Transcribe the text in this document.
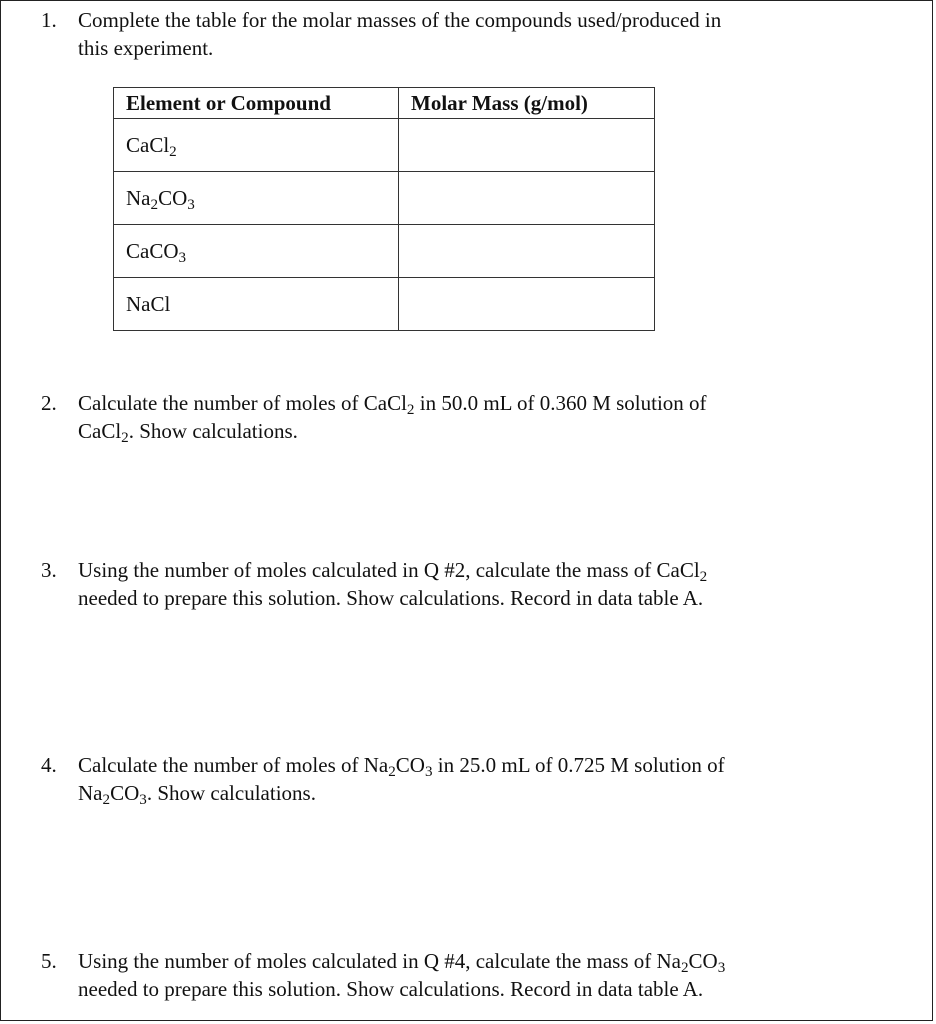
1. Complete the table for the molar masses of the compounds used/produced in
this experiment.
Element or Compound	Molar Mass (g/mol)
CaCl$_2$	
$Na_2CO_3$	
CaCO$_3$	
NaCl	
2. Calculate the number of moles of CaCl$_2$ in 50.0 mL of 0.360 M solution of
CaCl$_2$. Show calculations.
3. Using the number of moles calculated in Q #2, calculate the mass of CaCl$_2$
needed to prepare this solution. Show calculations. Record in data table A.
4. Calculate the number of moles of $Na_2CO_3$ in 25.0 mL of 0.725 M solution of
$Na_2CO_3$. Show calculations.
5. Using the number of moles calculated in Q #4, calculate the mass of $Na_2CO_3$
needed to prepare this solution. Show calculations. Record in data table A.
